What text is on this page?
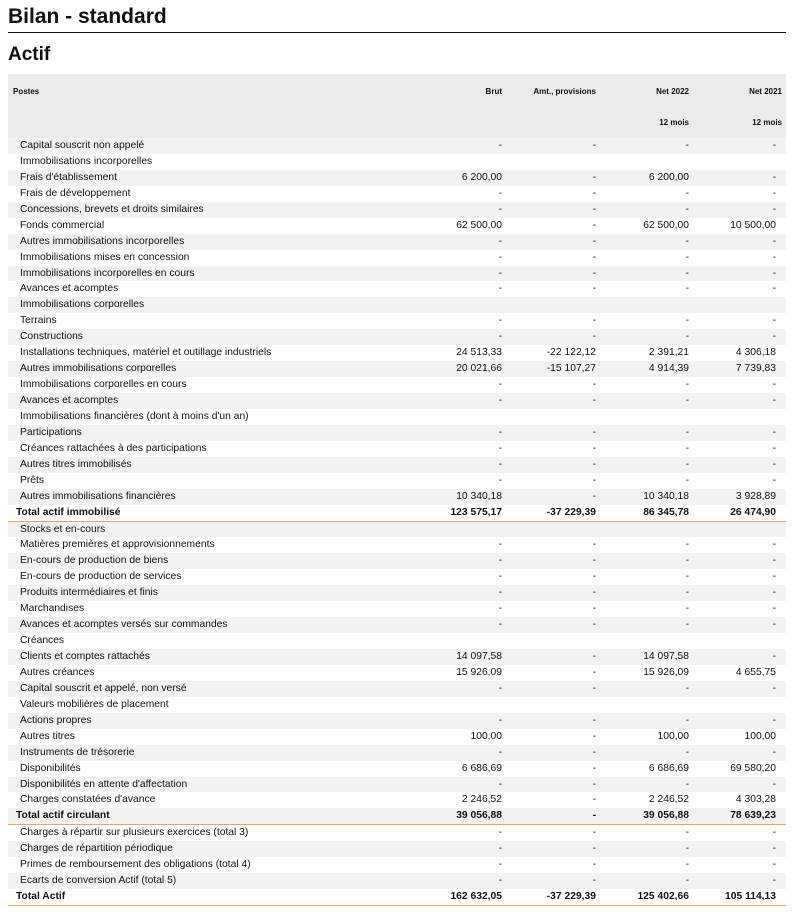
Bilan - standard
Actif
Postes	Brut	Amt., provisions	Net 2022	Net 2021
12 mois	12 mois
Capital souscrit non appelé	-	-	-	-
Immobilisations incorporelles
Frais d'établissement	6 200,00	-	6 200,00	-
Frais de développement	-	-	-	-
Concessions, brevets et droits similaires	-	-	-	-
Fonds commercial	62 500,00	-	62 500,00	10 500,00
Autres immobilisations incorporelles	-	-	-	-
Immobilisations mises en concession	-	-	-	-
Immobilisations incorporelles en cours	-	-	-	-
Avances et acomptes	-	-	-	-
Immobilisations corporelles
Terrains	-	-	-	-
Constructions	-	-	-	-
Installations techniques, matériel et outillage industriels	24 513,33	-22 122,12	2 391,21	4 306,18
Autres immobilisations corporelles	20 021,66	-15 107,27	4 914,39	7 739,83
Immobilisations corporelles en cours	-	-	-	-
Avances et acomptes	-	-	-	-
Immobilisations financières (dont à moins d'un an)
Participations	-	-	-	-
Créances rattachées à des participations	-	-	-	-
Autres titres immobilisés	-	-	-	-
Prêts	-	-	-	-
Autres immobilisations financières	10 340,18	-	10 340,18	3 928,89
Total actif immobilisé	123 575,17	-37 229,39	86 345,78	26 474,90
Stocks et en-cours
Matières premières et approvisionnements	-	-	-	-
En-cours de production de biens	-	-	-	-
En-cours de production de services	-	-	-	-
Produits intermédiaires et finis	-	-	-	-
Marchandises	-	-	-	-
Avances et acomptes versés sur commandes	-	-	-	-
Créances
Clients et comptes rattachés	14 097,58	-	14 097,58	-
Autres créances	15 926,09	-	15 926,09	4 655,75
Capital souscrit et appelé, non versé	-	-	-	-
Valeurs mobilières de placement
Actions propres	-	-	-	-
Autres titres	100,00	-	100,00	100,00
Instruments de trésorerie	-	-	-	-
Disponibilités	6 686,69	-	6 686,69	69 580,20
Disponibilités en attente d'affectation	-	-	-	-
Charges constatées d'avance	2 246,52	-	2 246,52	4 303,28
Total actif circulant	39 056,88	-	39 056,88	78 639,23
Charges à répartir sur plusieurs exercices (total 3)	-	-	-	-
Charges de répartition périodique	-	-	-	-
Primes de remboursement des obligations (total 4)	-	-	-	-
Ecarts de conversion Actif (total 5)	-	-	-	-
Total Actif	162 632,05	-37 229,39	125 402,66	105 114,13
